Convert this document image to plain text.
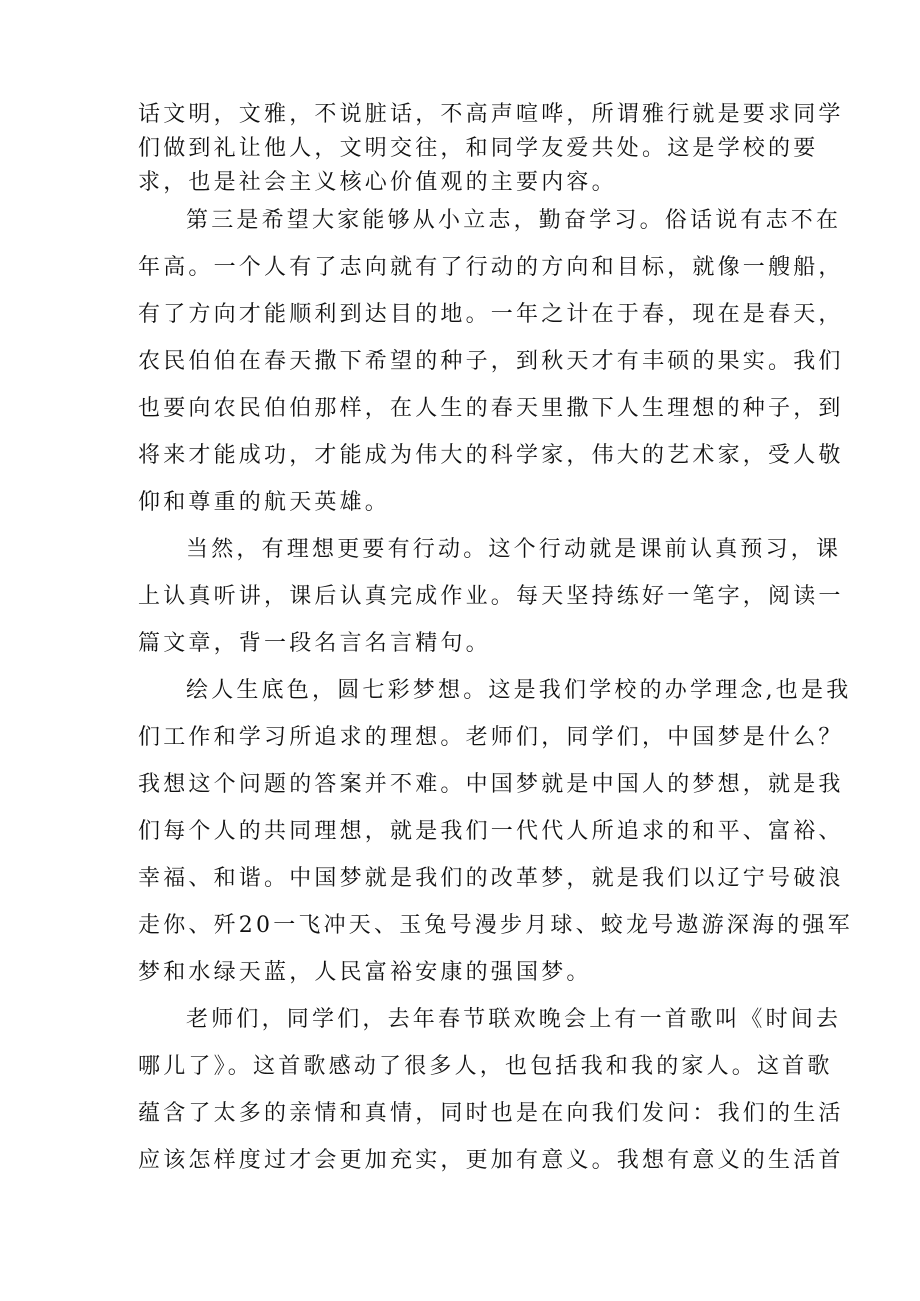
话文明，文雅，不说脏话，不高声喧哗，所谓雅行就是要求同学
们做到礼让他人，文明交往，和同学友爱共处。这是学校的要
求，也是社会主义核心价值观的主要内容。
第三是希望大家能够从小立志，勤奋学习。俗话说有志不在
年高。一个人有了志向就有了行动的方向和目标，就像一艘船，
有了方向才能顺利到达目的地。一年之计在于春，现在是春天，
农民伯伯在春天撒下希望的种子，到秋天才有丰硕的果实。我们
也要向农民伯伯那样，在人生的春天里撒下人生理想的种子，到
将来才能成功，才能成为伟大的科学家，伟大的艺术家，受人敬
仰和尊重的航天英雄。
当然，有理想更要有行动。这个行动就是课前认真预习，课
上认真听讲，课后认真完成作业。每天坚持练好一笔字，阅读一
篇文章，背一段名言名言精句。
绘人生底色，圆七彩梦想。这是我们学校的办学理念,也是我
们工作和学习所追求的理想。老师们，同学们，中国梦是什么？
我想这个问题的答案并不难。中国梦就是中国人的梦想，就是我
们每个人的共同理想，就是我们一代代人所追求的和平、富裕、
幸福、和谐。中国梦就是我们的改革梦，就是我们以辽宁号破浪
走你、歼20一飞冲天、玉兔号漫步月球、蛟龙号遨游深海的强军
梦和水绿天蓝，人民富裕安康的强国梦。
老师们，同学们，去年春节联欢晚会上有一首歌叫《时间去
哪儿了》。这首歌感动了很多人，也包括我和我的家人。这首歌
蕴含了太多的亲情和真情，同时也是在向我们发问：我们的生活
应该怎样度过才会更加充实，更加有意义。我想有意义的生活首
